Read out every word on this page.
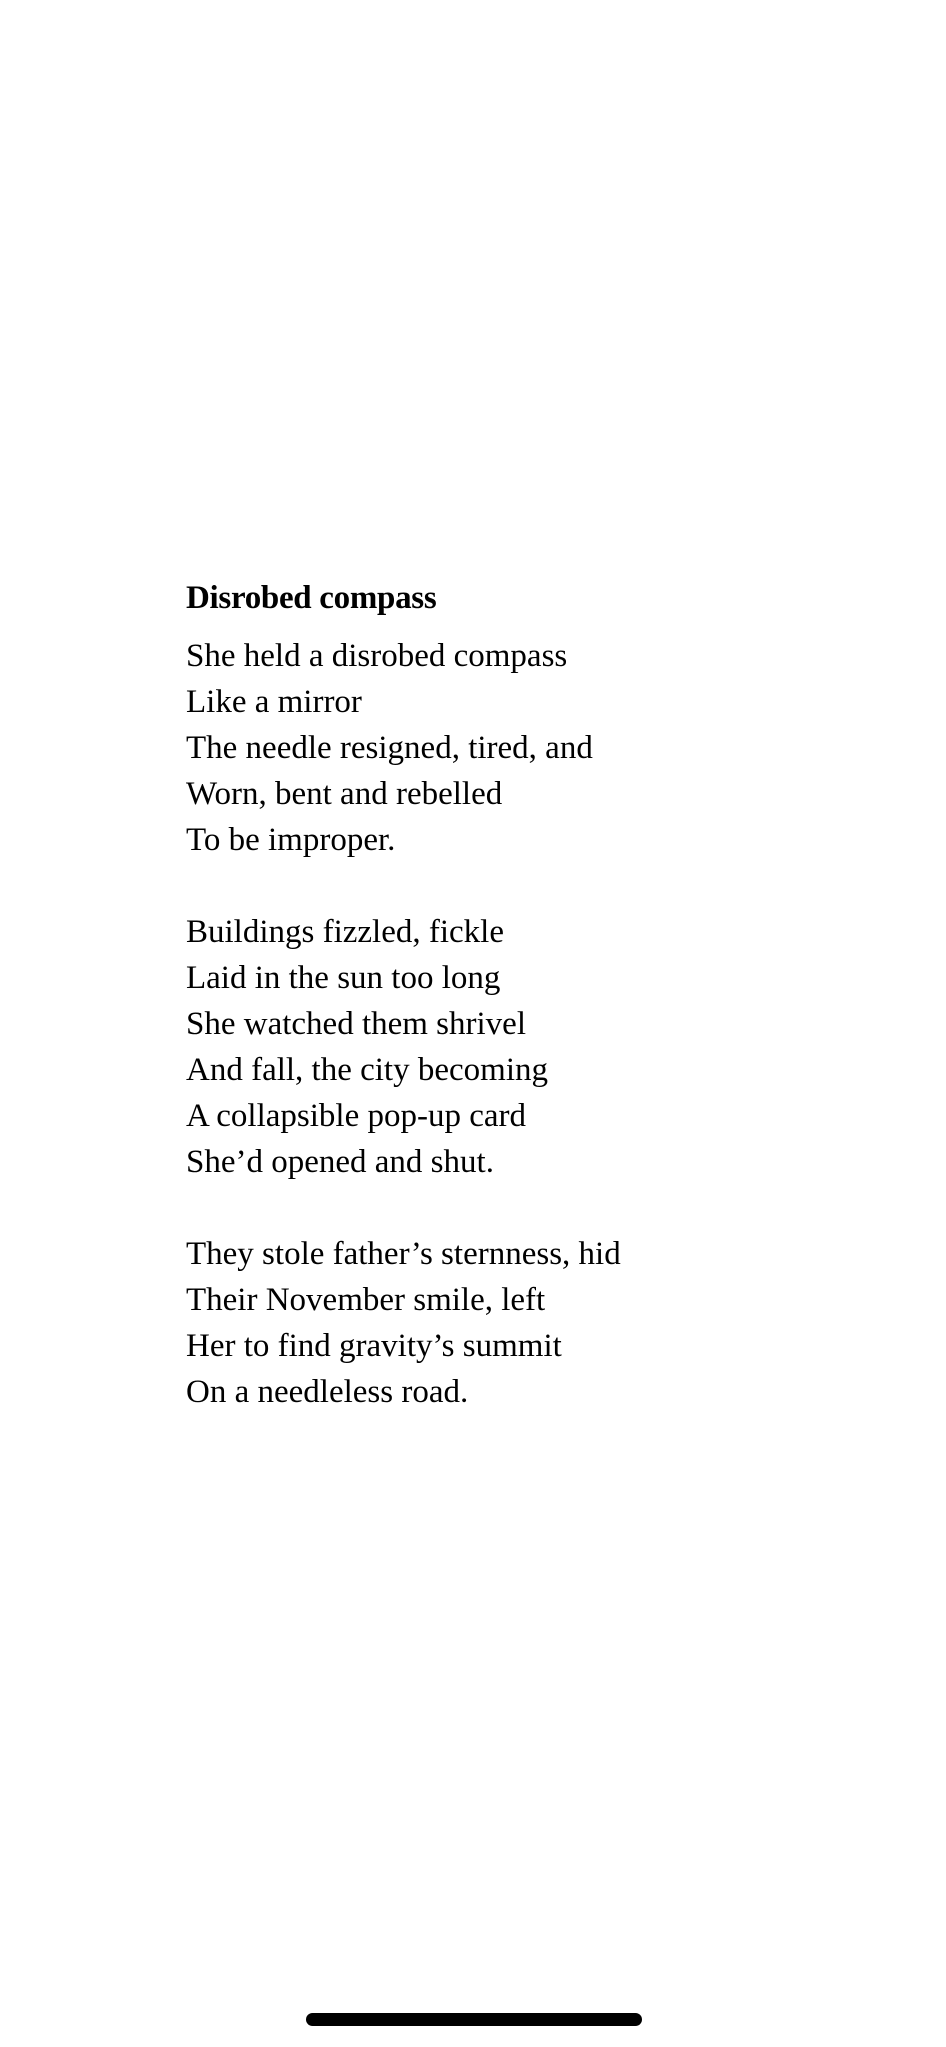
Disrobed compass
She held a disrobed compass
Like a mirror
The needle resigned, tired, and
Worn, bent and rebelled
To be improper.
Buildings fizzled, fickle
Laid in the sun too long
She watched them shrivel
And fall, the city becoming
A collapsible pop-up card
She’d opened and shut.
They stole father’s sternness, hid
Their November smile, left
Her to find gravity’s summit
On a needleless road.
